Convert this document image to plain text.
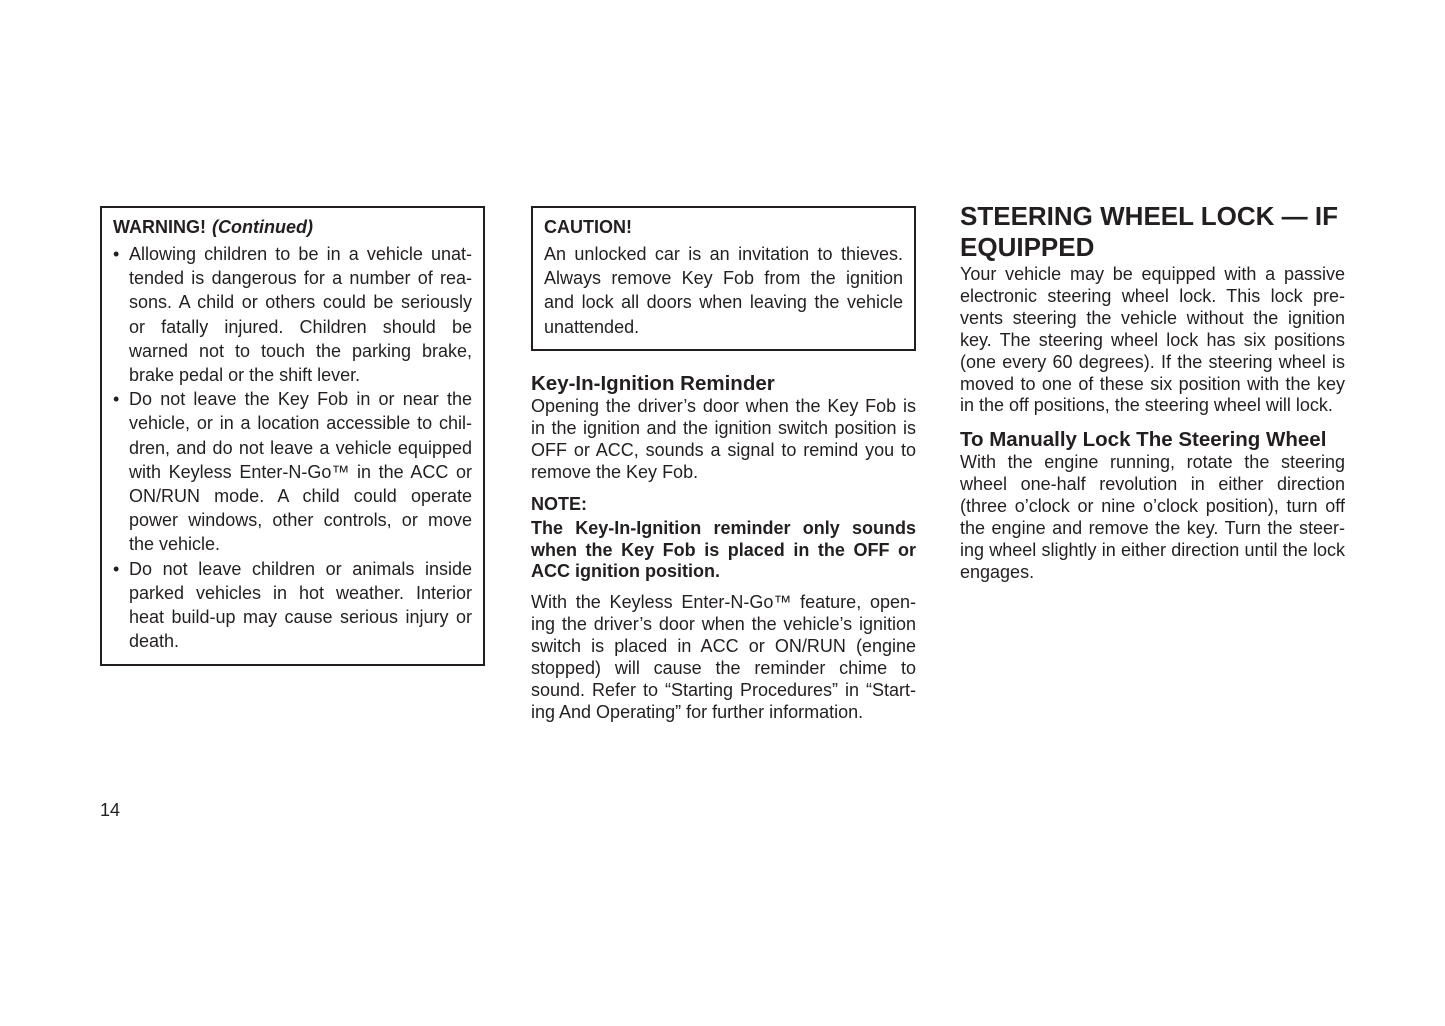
WARNING! (Continued)

• Allowing children to be in a vehicle unat-tended is dangerous for a number of rea-sons. A child or others could be seriously or fatally injured. Children should be warned not to touch the parking brake, brake pedal or the shift lever.
• Do not leave the Key Fob in or near the vehicle, or in a location accessible to chil-dren, and do not leave a vehicle equipped with Keyless Enter-N-Go™ in the ACC or ON/RUN mode. A child could operate power windows, other controls, or move the vehicle.
• Do not leave children or animals inside parked vehicles in hot weather. Interior heat build-up may cause serious injury or death.

CAUTION!

An unlocked car is an invitation to thieves. Always remove Key Fob from the ignition and lock all doors when leaving the vehicle unattended.

Key-In-Ignition Reminder

Opening the driver’s door when the Key Fob is in the ignition and the ignition switch position is OFF or ACC, sounds a signal to remind you to remove the Key Fob.

NOTE:

The Key-In-Ignition reminder only sounds when the Key Fob is placed in the OFF or ACC ignition position.

With the Keyless Enter-N-Go™ feature, open-ing the driver’s door when the vehicle’s ignition switch is placed in ACC or ON/RUN (engine stopped) will cause the reminder chime to sound. Refer to “Starting Procedures” in “Start-ing And Operating” for further information.

STEERING WHEEL LOCK — IF EQUIPPED

Your vehicle may be equipped with a passive electronic steering wheel lock. This lock pre-vents steering the vehicle without the ignition key. The steering wheel lock has six positions (one every 60 degrees). If the steering wheel is moved to one of these six position with the key in the off positions, the steering wheel will lock.

To Manually Lock The Steering Wheel

With the engine running, rotate the steering wheel one-half revolution in either direction (three o’clock or nine o’clock position), turn off the engine and remove the key. Turn the steer-ing wheel slightly in either direction until the lock engages.

14
